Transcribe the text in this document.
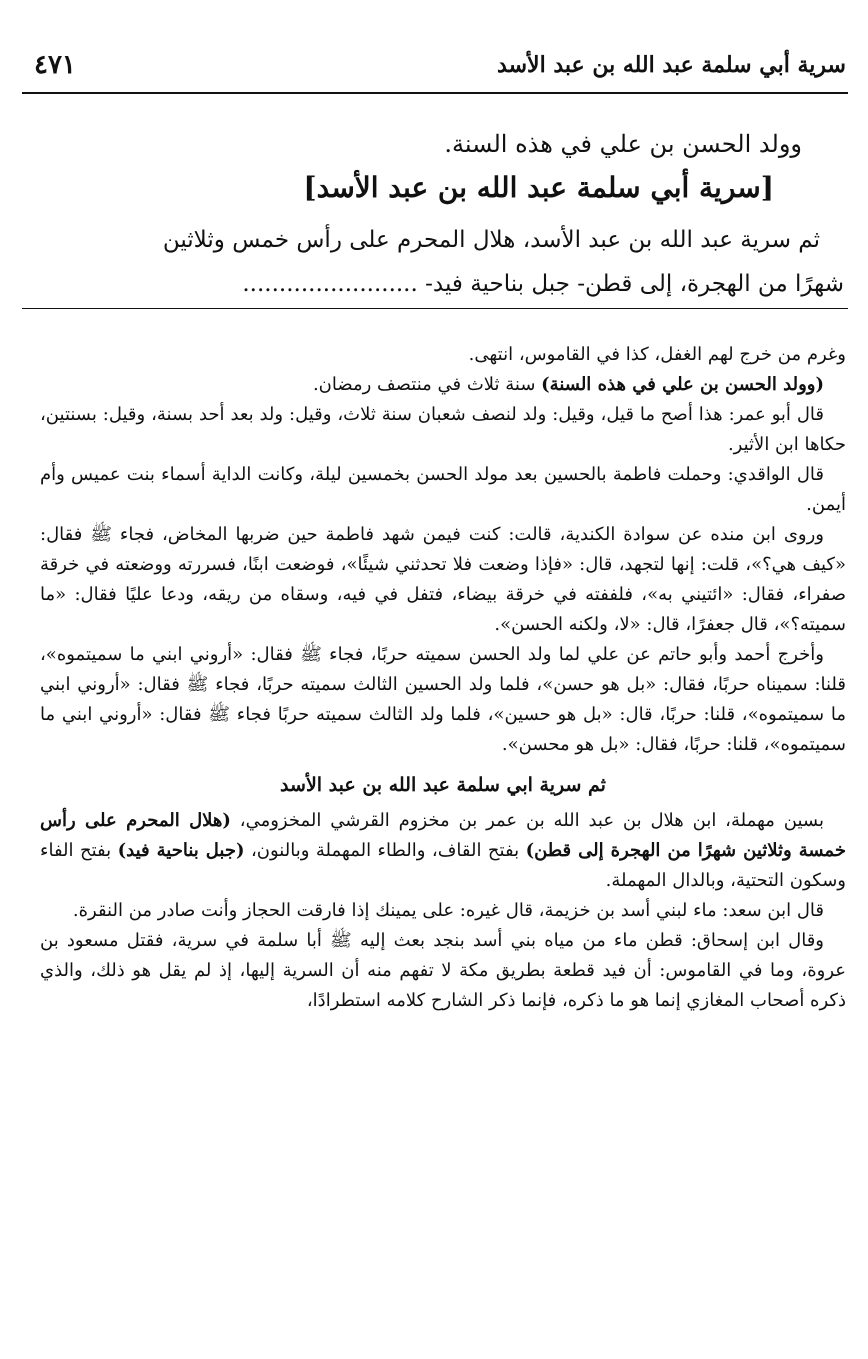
سرية أبي سلمة عبد الله بن عبد الأسد
٤٧١
وولد الحسن بن علي في هذه السنة.
[سرية أبي سلمة عبد الله بن عبد الأسد]

ثم سرية عبد الله بن عبد الأسد، هلال المحرم على رأس خمس وثلاثين

شهرًا من الهجرة، إلى قطن- جبل بناحية فيد- ........................

وغرم من خرج لهم الغفل، كذا في القاموس، انتهى.

(وولد الحسن بن علي في هذه السنة) سنة ثلاث في منتصف رمضان.

قال أبو عمر: هذا أصح ما قيل، وقيل: ولد لنصف شعبان سنة ثلاث، وقيل: ولد بعد أحد بسنة، وقيل: بسنتين، حكاها ابن الأثير.

قال الواقدي: وحملت فاطمة بالحسين بعد مولد الحسن بخمسين ليلة، وكانت الداية أسماء بنت عميس وأم أيمن.

وروى ابن منده عن سوادة الكندية، قالت: كنت فيمن شهد فاطمة حين ضربها المخاض، فجاء ﷺ فقال: «كيف هي؟»، قلت: إنها لتجهد، قال: «فإذا وضعت فلا تحدثني شيئًا»، فوضعت ابنًا، فسررته ووضعته في خرقة صفراء، فقال: «ائتيني به»، فلففته في خرقة بيضاء، فتفل في فيه، وسقاه من ريقه، ودعا عليًا فقال: «ما سميته؟»، قال جعفرًا، قال: «لا، ولكنه الحسن».

وأخرج أحمد وأبو حاتم عن علي لما ولد الحسن سميته حربًا، فجاء ﷺ فقال: «أروني ابني ما سميتموه»، قلنا: سميناه حربًا، فقال: «بل هو حسن»، فلما ولد الحسين الثالث سميته حربًا، فجاء ﷺ فقال: «أروني ابني ما سميتموه»، قلنا: حربًا، قال: «بل هو حسين»، فلما ولد الثالث سميته حربًا فجاء ﷺ فقال: «أروني ابني ما سميتموه»، قلنا: حربًا، فقال: «بل هو محسن».

ثم سرية ابي سلمة عبد الله بن عبد الأسد

بسين مهملة، ابن هلال بن عبد الله بن عمر بن مخزوم القرشي المخزومي، (هلال المحرم على رأس خمسة وثلاثين شهرًا من الهجرة إلى قطن) بفتح القاف، والطاء المهملة وبالنون، (جبل بناحية فيد) بفتح الفاء وسكون التحتية، وبالدال المهملة.

قال ابن سعد: ماء لبني أسد بن خزيمة، قال غيره: على يمينك إذا فارقت الحجاز وأنت صادر من النقرة.

وقال ابن إسحاق: قطن ماء من مياه بني أسد بنجد بعث إليه ﷺ أبا سلمة في سرية، فقتل مسعود بن عروة، وما في القاموس: أن فيد قطعة بطريق مكة لا تفهم منه أن السرية إليها، إذ لم يقل هو ذلك، والذي ذكره أصحاب المغازي إنما هو ما ذكره، فإنما ذكر الشارح كلامه استطرادًا،
